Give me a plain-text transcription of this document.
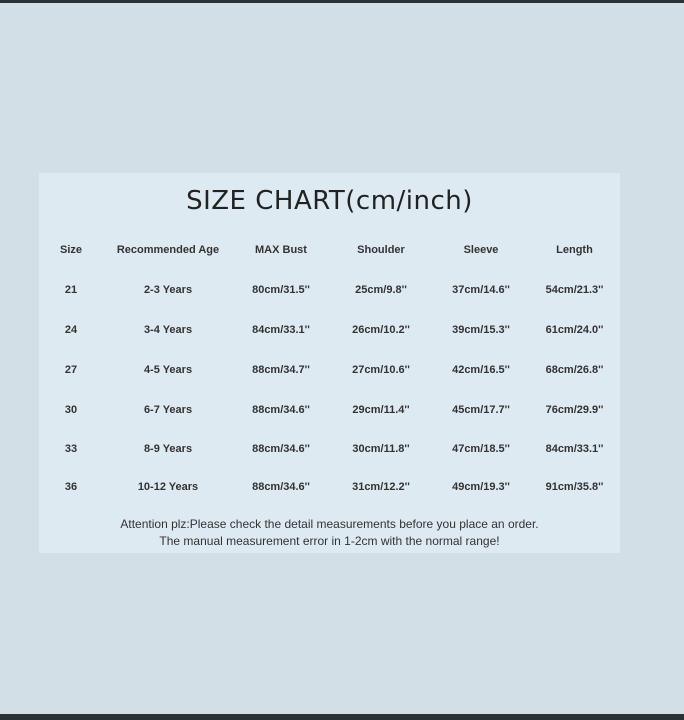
SIZE CHART(cm/inch)
Size	Recommended Age	MAX Bust	Shoulder	Sleeve	Length
21	2-3 Years	80cm/31.5''	25cm/9.8''	37cm/14.6''	54cm/21.3''
24	3-4 Years	84cm/33.1''	26cm/10.2''	39cm/15.3''	61cm/24.0''
27	4-5 Years	88cm/34.7''	27cm/10.6''	42cm/16.5''	68cm/26.8''
30	6-7 Years	88cm/34.6''	29cm/11.4''	45cm/17.7''	76cm/29.9''
33	8-9 Years	88cm/34.6''	30cm/11.8''	47cm/18.5''	84cm/33.1''
36	10-12 Years	88cm/34.6''	31cm/12.2''	49cm/19.3''	91cm/35.8''
Attention plz:Please check the detail measurements before you place an order.
The manual measurement error in 1-2cm with the normal range!
